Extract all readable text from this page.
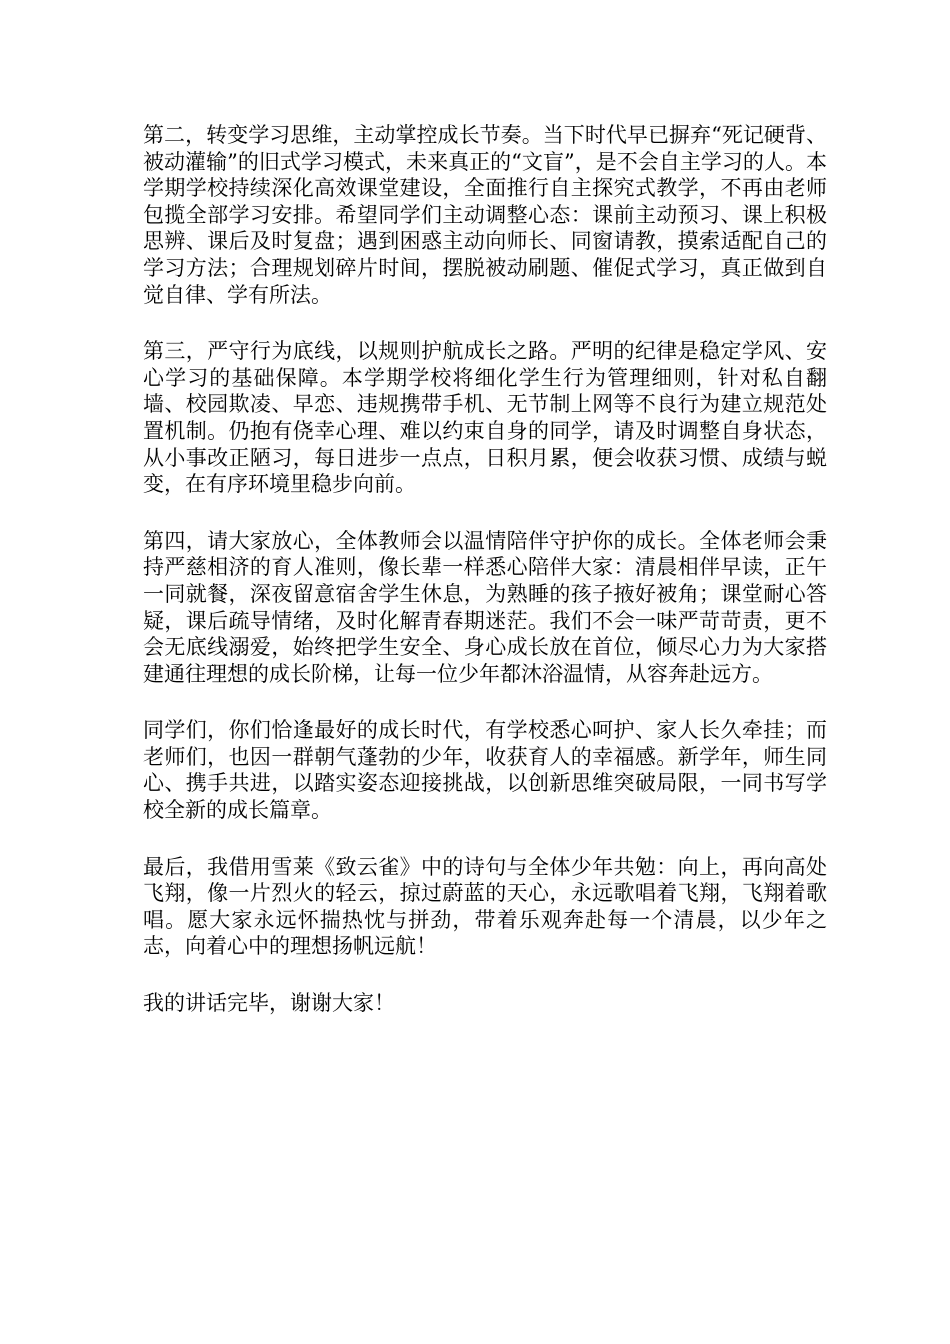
第二，转变学习思维，主动掌控成长节奏。当下时代早已摒弃“死记硬背、被动灌输”的旧式学习模式，未来真正的“文盲”，是不会自主学习的人。本学期学校持续深化高效课堂建设，全面推行自主探究式教学，不再由老师包揽全部学习安排。希望同学们主动调整心态：课前主动预习、课上积极思辨、课后及时复盘；遇到困惑主动向师长、同窗请教，摸索适配自己的学习方法；合理规划碎片时间，摆脱被动刷题、催促式学习，真正做到自觉自律、学有所法。

第三，严守行为底线，以规则护航成长之路。严明的纪律是稳定学风、安心学习的基础保障。本学期学校将细化学生行为管理细则，针对私自翻墙、校园欺凌、早恋、违规携带手机、无节制上网等不良行为建立规范处置机制。仍抱有侥幸心理、难以约束自身的同学，请及时调整自身状态，从小事改正陋习，每日进步一点点，日积月累，便会收获习惯、成绩与蜕变，在有序环境里稳步向前。

第四，请大家放心，全体教师会以温情陪伴守护你的成长。全体老师会秉持严慈相济的育人准则，像长辈一样悉心陪伴大家：清晨相伴早读，正午一同就餐，深夜留意宿舍学生休息，为熟睡的孩子掖好被角；课堂耐心答疑，课后疏导情绪，及时化解青春期迷茫。我们不会一味严苛苛责，更不会无底线溺爱，始终把学生安全、身心成长放在首位，倾尽心力为大家搭建通往理想的成长阶梯，让每一位少年都沐浴温情，从容奔赴远方。

同学们，你们恰逢最好的成长时代，有学校悉心呵护、家人长久牵挂；而老师们，也因一群朝气蓬勃的少年，收获育人的幸福感。新学年，师生同心、携手共进，以踏实姿态迎接挑战，以创新思维突破局限，一同书写学校全新的成长篇章。

最后，我借用雪莱《致云雀》中的诗句与全体少年共勉：向上，再向高处飞翔，像一片烈火的轻云，掠过蔚蓝的天心，永远歌唱着飞翔，飞翔着歌唱。愿大家永远怀揣热忱与拼劲，带着乐观奔赴每一个清晨，以少年之志，向着心中的理想扬帆远航！

我的讲话完毕，谢谢大家！
